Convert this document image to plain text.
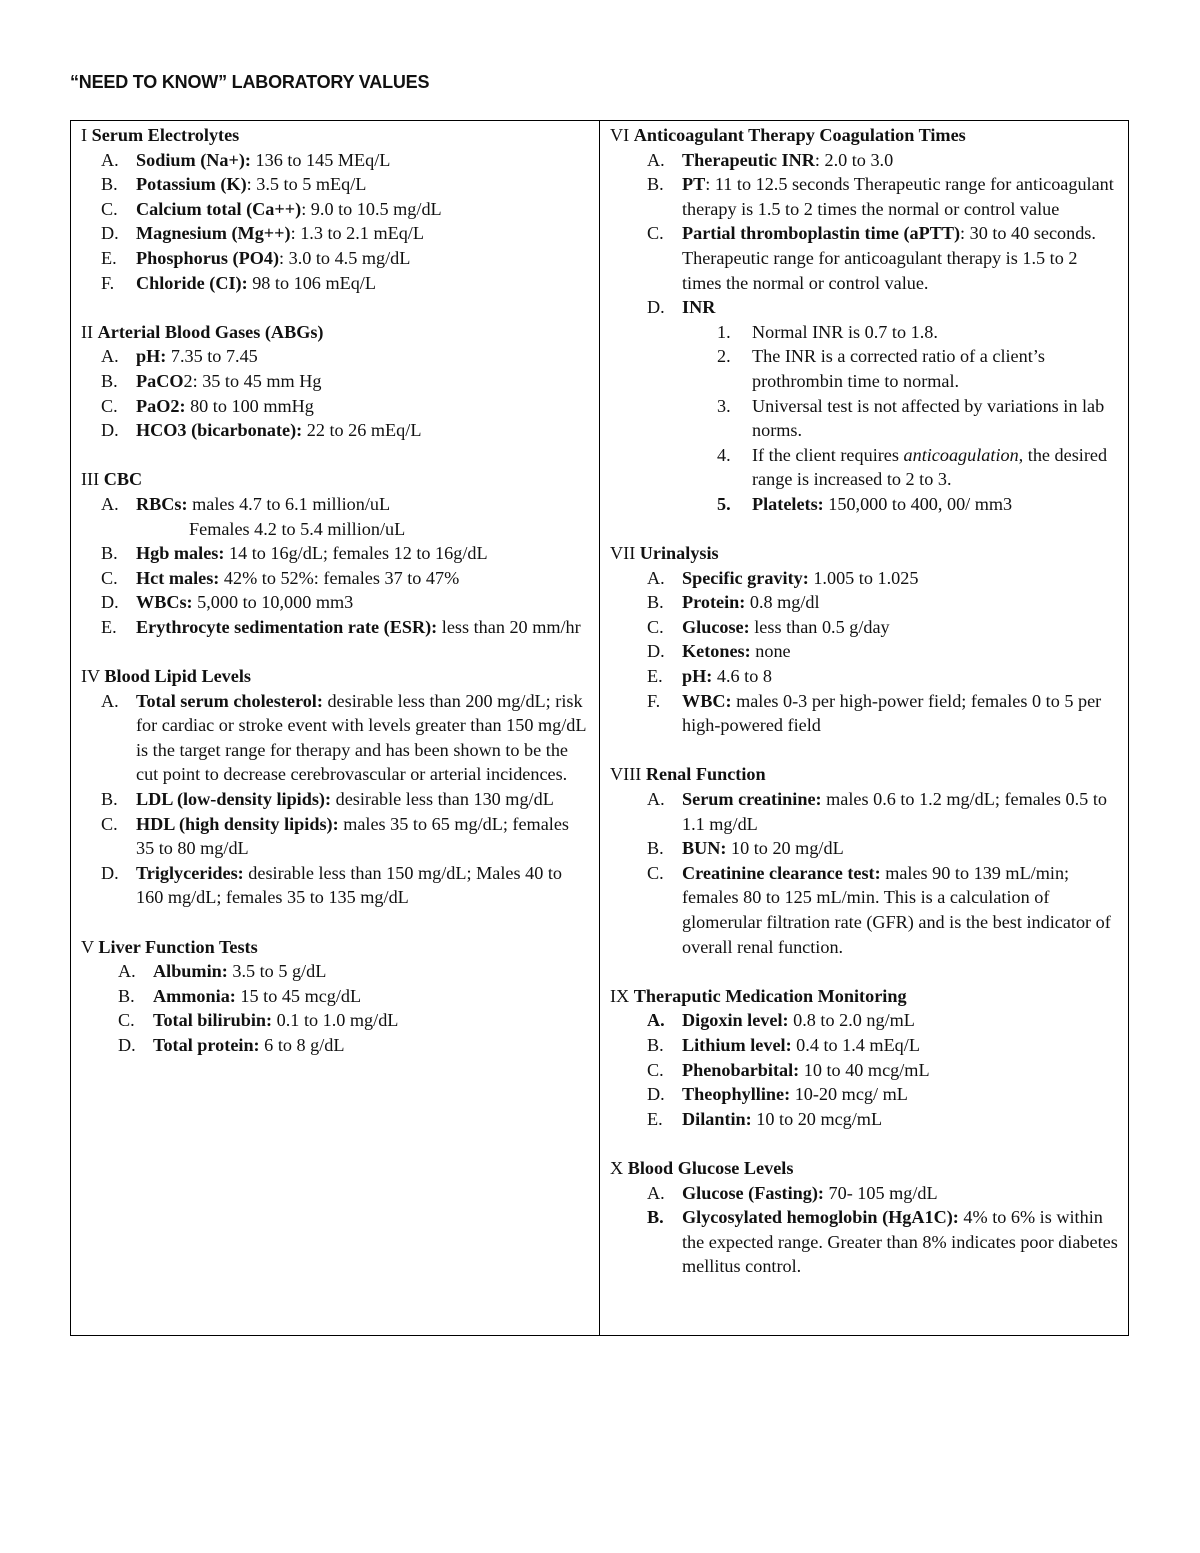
“NEED TO KNOW” LABORATORY VALUES
I Serum Electrolytes
A. Sodium (Na+): 136 to 145 MEq/L
B.	Potassium (K): 3.5 to 5 mEq/L
C.	Calcium total (Ca++): 9.0 to 10.5 mg/dL
D. Magnesium (Mg++): 1.3 to 2.1 mEq/L
E.	Phosphorus (PO4): 3.0 to 4.5 mg/dL
F.	Chloride (CI): 98 to 106 mEq/L
II Arterial Blood Gases (ABGs)
A. pH: 7.35 to 7.45
B.	PaCO2: 35 to 45 mm Hg
C.	PaO2: 80 to 100 mmHg
D. HCO3 (bicarbonate): 22 to 26 mEq/L
III CBC
A. RBCs: males 4.7 to 6.1 million/uL
Females 4.2 to 5.4 million/uL
B.	Hgb males: 14 to 16g/dL; females 12 to 16g/dL
C.	Hct males: 42% to 52%: females 37 to 47%
D. WBCs: 5,000 to 10,000 mm3
E.	Erythrocyte sedimentation rate (ESR): less than 20 mm/hr
IV Blood Lipid Levels
A. Total serum cholesterol: desirable less than 200 mg/dL; risk for cardiac or stroke event with levels greater than 150 mg/dL is the target range for therapy and has been shown to be the cut point to decrease cerebrovascular or arterial incidences.
B.	LDL (low-density lipids): desirable less than 130 mg/dL
C.	HDL (high density lipids): males 35 to 65 mg/dL; females 35 to 80 mg/dL
D. Triglycerides: desirable less than 150 mg/dL; Males 40 to 160 mg/dL; females 35 to 135 mg/dL
V Liver Function Tests
A. Albumin: 3.5 to 5 g/dL
B.	Ammonia: 15 to 45 mcg/dL
C.	Total bilirubin: 0.1 to 1.0 mg/dL
D. Total protein: 6 to 8 g/dL
VI Anticoagulant Therapy Coagulation Times
A. Therapeutic INR: 2.0 to 3.0
B.	PT: 11 to 12.5 seconds Therapeutic range for anticoagulant therapy is 1.5 to 2 times the normal or control value
C.	Partial thromboplastin time (aPTT): 30 to 40 seconds. Therapeutic range for anticoagulant therapy is 1.5 to 2 times the normal or control value.
D. INR
1.	Normal INR is 0.7 to 1.8.
2.	The INR is a corrected ratio of a client’s prothrombin time to normal.
3.	Universal test is not affected by variations in lab norms.
4.	If the client requires anticoagulation, the desired range is increased to 2 to 3.
5.	Platelets: 150,000 to 400, 00/ mm3
VII Urinalysis
A. Specific gravity: 1.005 to 1.025
B.	Protein: 0.8 mg/dl
C.	Glucose: less than 0.5 g/day
D. Ketones: none
E.	pH: 4.6 to 8
F.	WBC: males 0-3 per high-power field; females 0 to 5 per high-powered field
VIII Renal Function
A. Serum creatinine: males 0.6 to 1.2 mg/dL; females 0.5 to 1.1 mg/dL
B.	BUN: 10 to 20 mg/dL
C.	Creatinine clearance test: males 90 to 139 mL/min; females 80 to 125 mL/min. This is a calculation of glomerular filtration rate (GFR) and is the best indicator of overall renal function.
IX Theraputic Medication Monitoring
A. Digoxin level: 0.8 to 2.0 ng/mL
B.	Lithium level: 0.4 to 1.4 mEq/L
C.	Phenobarbital: 10 to 40 mcg/mL
D. Theophylline: 10-20 mcg/ mL
E.	Dilantin: 10 to 20 mcg/mL
X Blood Glucose Levels
A. Glucose (Fasting): 70- 105 mg/dL
B.	Glycosylated hemoglobin (HgA1C): 4% to 6% is within the expected range. Greater than 8% indicates poor diabetes mellitus control.
